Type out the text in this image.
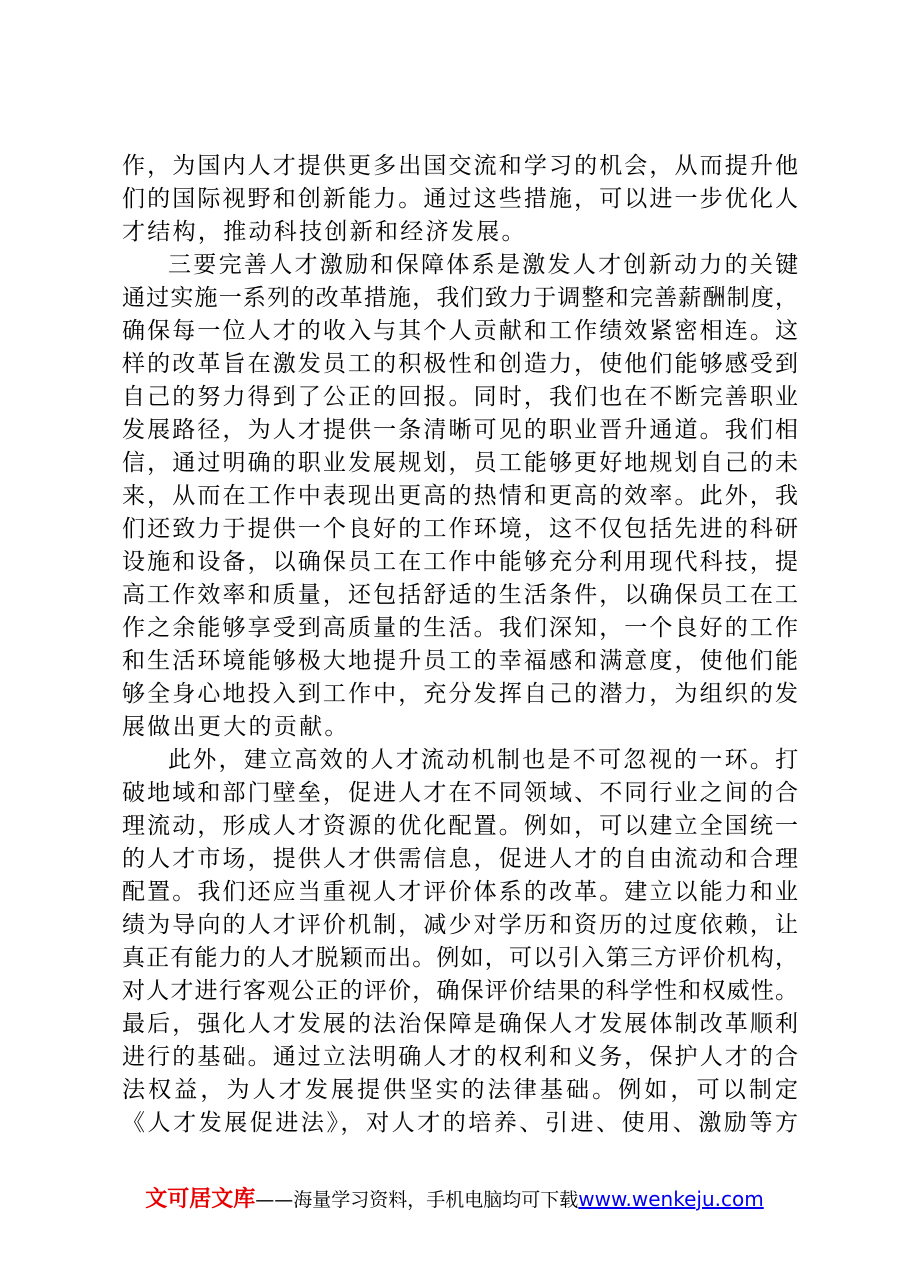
作，为国内人才提供更多出国交流和学习的机会，从而提升他
们的国际视野和创新能力。通过这些措施，可以进一步优化人
才结构，推动科技创新和经济发展。
三要完善人才激励和保障体系是激发人才创新动力的关键
通过实施一系列的改革措施，我们致力于调整和完善薪酬制度，
确保每一位人才的收入与其个人贡献和工作绩效紧密相连。这
样的改革旨在激发员工的积极性和创造力，使他们能够感受到
自己的努力得到了公正的回报。同时，我们也在不断完善职业
发展路径，为人才提供一条清晰可见的职业晋升通道。我们相
信，通过明确的职业发展规划，员工能够更好地规划自己的未
来，从而在工作中表现出更高的热情和更高的效率。此外，我
们还致力于提供一个良好的工作环境，这不仅包括先进的科研
设施和设备，以确保员工在工作中能够充分利用现代科技，提
高工作效率和质量，还包括舒适的生活条件，以确保员工在工
作之余能够享受到高质量的生活。我们深知，一个良好的工作
和生活环境能够极大地提升员工的幸福感和满意度，使他们能
够全身心地投入到工作中，充分发挥自己的潜力，为组织的发
展做出更大的贡献。
此外，建立高效的人才流动机制也是不可忽视的一环。打
破地域和部门壁垒，促进人才在不同领域、不同行业之间的合
理流动，形成人才资源的优化配置。例如，可以建立全国统一
的人才市场，提供人才供需信息，促进人才的自由流动和合理
配置。我们还应当重视人才评价体系的改革。建立以能力和业
绩为导向的人才评价机制，减少对学历和资历的过度依赖，让
真正有能力的人才脱颖而出。例如，可以引入第三方评价机构，
对人才进行客观公正的评价，确保评价结果的科学性和权威性。
最后，强化人才发展的法治保障是确保人才发展体制改革顺利
进行的基础。通过立法明确人才的权利和义务，保护人才的合
法权益，为人才发展提供坚实的法律基础。例如，可以制定
《人才发展促进法》，对人才的培养、引进、使用、激励等方
文可居文库——海量学习资料，手机电脑均可下载www.wenkeju.com
